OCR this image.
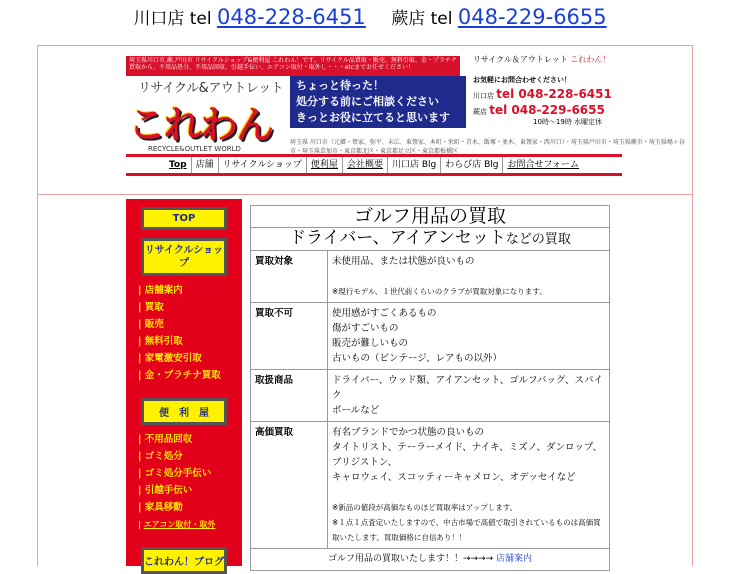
川口店 tel 048-228-6451 蕨店 tel 048-229-6655
埼玉県川口市,蕨,戸田市 リサイクルショップ&便利屋 これわん！です。リサイクル品買取・販売、無料引取、金・プラチナ買取から、不用品処分、不用品回収、引越手伝い、エアコン取付・取外し・・・etcまでお任せください！
リサイクル&アウトレット
これわん
RECYCLE&OUTLET WORLD
ちょっと待った！
処分する前にご相談ください
きっとお役に立てると思います
埼玉県 川口市（元郷・領家、弥平、末広、東領家、本町・栄町・青木、飯塚・並木、東領家・西川口）・埼玉県戸田市・埼玉県蕨市・埼玉県鳩ヶ谷市・埼玉県草加市・東京都北区・東京都足立区・東京都板橋区
リサイクル＆アウトレット これわん！
お気軽にお問合わせください！
川口店 tel 048-228-6451
蕨店 tel 048-229-6655
10時〜19時 水曜定休
Top	店舗	リサイクルショップ	便利屋	会社概要	川口店 Blg	わらび店 Blg	お問合せフォーム
TOP
リサイクルショップ
| 店舗案内
| 買取
| 販売
| 無料引取
| 家電激安引取
| 金・プラチナ買取
便　利　屋
| 不用品回収
| ゴミ処分
| ゴミ処分手伝い
| 引越手伝い
| 家具移動
| エアコン取付・取外
これわん！ブログ
ゴルフ用品の買取	
ドライバー、アイアンセットなどの買取	
買取対象	未使用品、または状態が良いもの

※現行モデル、１世代前くらいのクラブが買取対象になります。

買取不可	使用感がすごくあるもの
傷がすごいもの
販売が難しいもの
古いもの（ビンテージ、レアもの以外）

取扱商品	ドライバー、ウッド類、アイアンセット、ゴルフバッグ、スパイク
ボールなど

高価買取	有名ブランドでかつ状態の良いもの
タイトリスト、テーラーメイド、ナイキ、ミズノ、ダンロップ、ブリジストン、
キャロウェイ、スコッティーキャメロン、オデッセイなど

※新品の値段が高価なものほど買取率はアップします。
※１点１点査定いたしますので、中古市場で高値で取引されているものは高価買取いたします。買取価格に自信あり！！

ゴルフ用品の買取いたします！！→→→→ 店舗案内	
